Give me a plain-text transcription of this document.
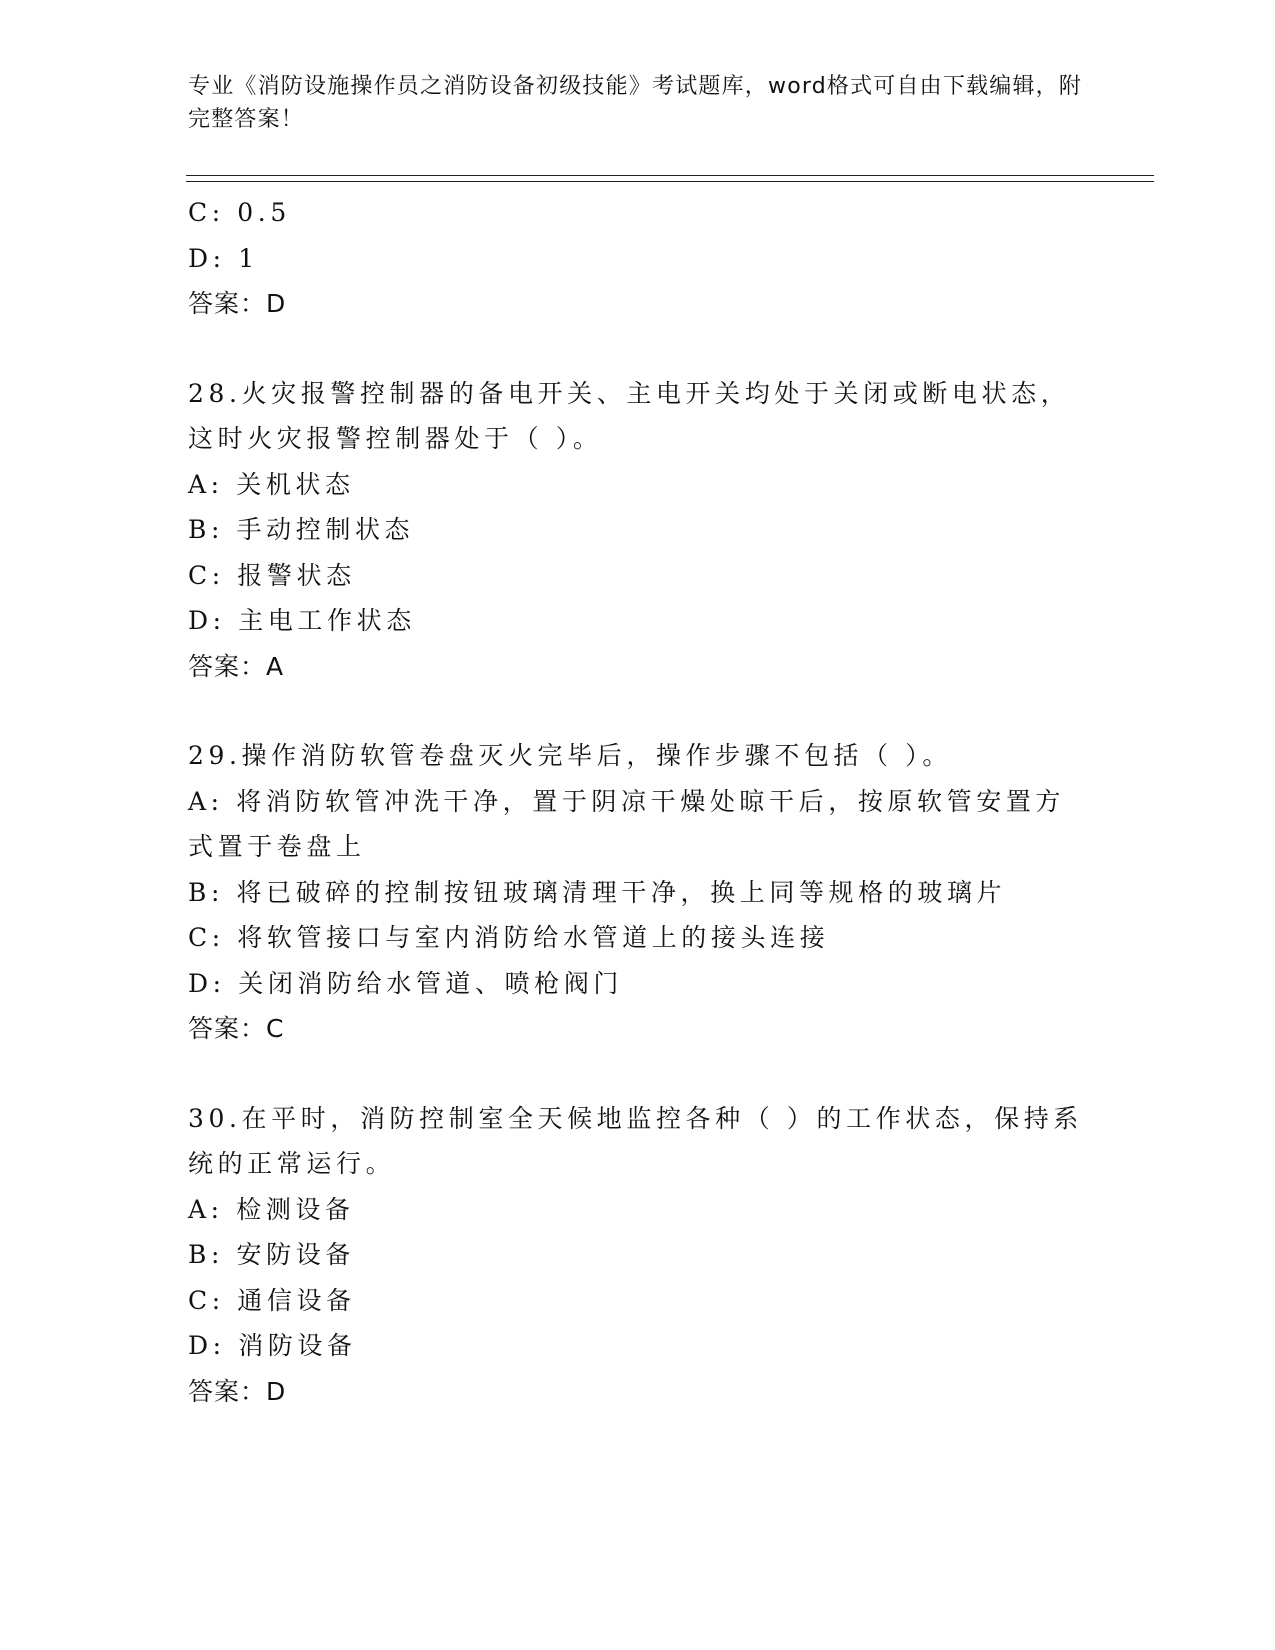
专业《消防设施操作员之消防设备初级技能》考试题库，word格式可自由下载编辑，附完整答案！
C: 0.5
D: 1
答案：D
28.火灾报警控制器的备电开关、主电开关均处于关闭或断电状态，这时火灾报警控制器处于（ ）。
A: 关机状态
B: 手动控制状态
C: 报警状态
D: 主电工作状态
答案：A
29.操作消防软管卷盘灭火完毕后，操作步骤不包括（ ）。
A: 将消防软管冲洗干净，置于阴凉干燥处晾干后，按原软管安置方式置于卷盘上
B: 将已破碎的控制按钮玻璃清理干净，换上同等规格的玻璃片
C: 将软管接口与室内消防给水管道上的接头连接
D: 关闭消防给水管道、喷枪阀门
答案：C
30.在平时，消防控制室全天候地监控各种（ ）的工作状态，保持系统的正常运行。
A: 检测设备
B: 安防设备
C: 通信设备
D: 消防设备
答案：D
